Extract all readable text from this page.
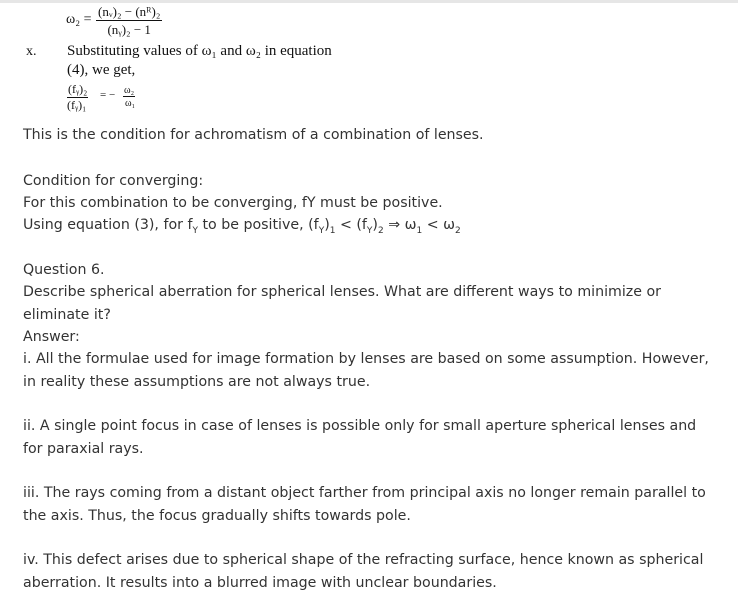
$\omega_2 = \frac{\text{(nᵥ)₂ − (nᴿ)₂}}{\text{(nᵧ)₂ − 1}}$
x. Substituting values of ω₁ and ω₂ in equation
(4), we get,
(fᵧ)₂ = − ω₂
(fᵧ)₁	ω₁

This is the condition for achromatism of a combination of lenses.

Condition for converging:

For this combination to be converging, fY must be positive.

Using equation (3), for $f_Y$ to be positive, $(f_Y)_1 < (f_Y)_2$ ⇒ $\omega_1 < \omega_2$

Question 6.

Describe spherical aberration for spherical lenses. What are different ways to minimize or eliminate it?

Answer:

i. All the formulae used for image formation by lenses are based on some assumption. However, in reality these assumptions are not always true.

ii. A single point focus in case of lenses is possible only for small aperture spherical lenses and for paraxial rays.

iii. The rays coming from a distant object farther from principal axis no longer remain parallel to the axis. Thus, the focus gradually shifts towards pole.

iv. This defect arises due to spherical shape of the refracting surface, hence known as spherical aberration. It results into a blurred image with unclear boundaries.
